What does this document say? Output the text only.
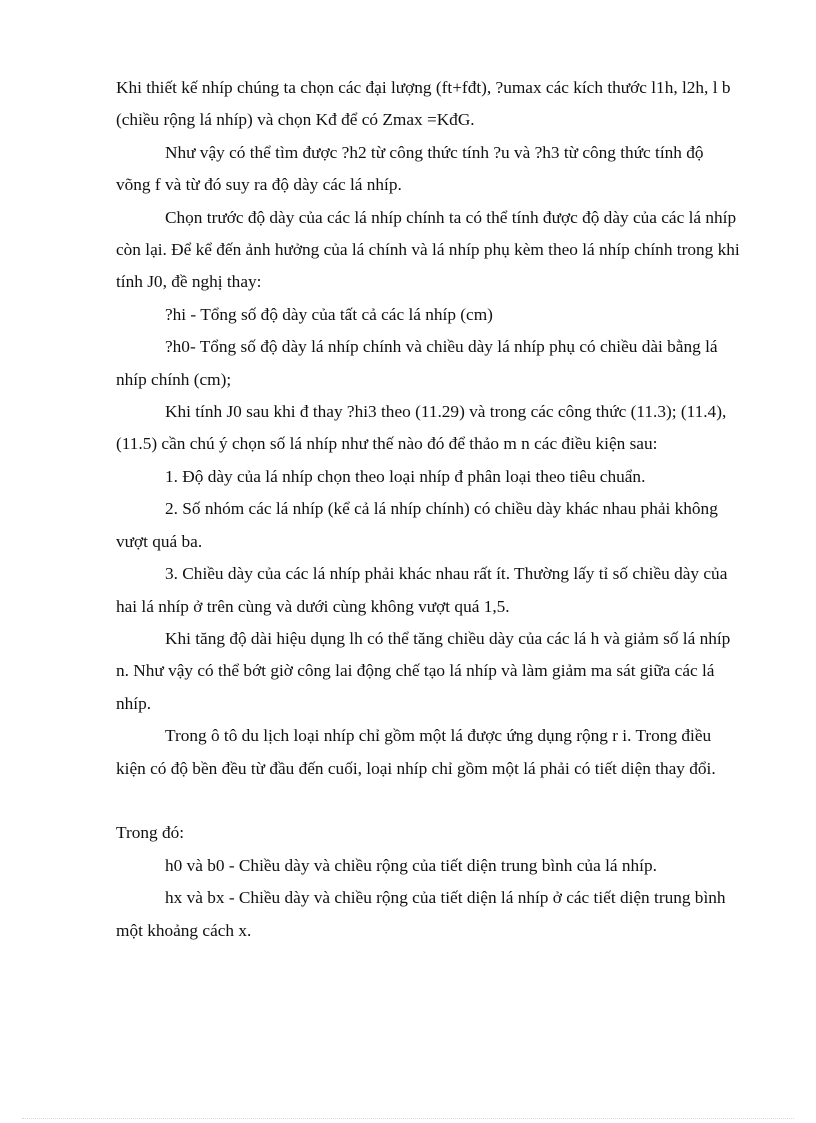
Khi thiết kế nhíp chúng ta chọn các đại lượng (ft+fđt), ?umax các kích thước l1h, l2h, l b (chiều rộng lá nhíp) và chọn Kđ để có Zmax =KđG.

Như vậy có thể tìm được ?h2 từ công thức tính ?u và ?h3 từ công thức tính độ võng f và từ đó suy ra độ dày các lá nhíp.

Chọn trước độ dày của các lá nhíp chính ta có thể tính được độ dày của các lá nhíp còn lại. Để kể đến ảnh hưởng của lá chính và lá nhíp phụ kèm theo lá nhíp chính trong khi tính J0, đề nghị thay:

?hi - Tổng số độ dày của tất cả các lá nhíp (cm)

?h0- Tổng số độ dày lá nhíp chính và chiều dày lá nhíp phụ có chiều dài bằng lá nhíp chính (cm);

Khi tính J0 sau khi đ thay ?hi3 theo (11.29) và trong các công thức (11.3); (11.4), (11.5) cần chú ý chọn số lá nhíp như thế nào đó để thảo m n các điều kiện sau:

1. Độ dày của lá nhíp chọn theo loại nhíp đ phân loại theo tiêu chuẩn.

2. Số nhóm các lá nhíp (kể cả lá nhíp chính) có chiều dày khác nhau phải không vượt quá ba.

3. Chiều dày của các lá nhíp phải khác nhau rất ít. Thường lấy tỉ số chiều dày của hai lá nhíp ở trên cùng và dưới cùng không vượt quá 1,5.

Khi tăng độ dài hiệu dụng lh có thể tăng chiều dày của các lá h và giảm số lá nhíp n. Như vậy có thể bớt giờ công lai động chế tạo lá nhíp và làm giảm ma sát giữa các lá nhíp.

Trong ô tô du lịch loại nhíp chỉ gồm một lá được ứng dụng rộng r i. Trong điều kiện có độ bền đều từ đầu đến cuối, loại nhíp chỉ gồm một lá phải có tiết diện thay đổi.

Trong đó:

h0 và b0 - Chiều dày và chiều rộng của tiết diện trung bình của lá nhíp.

hx và bx - Chiều dày và chiều rộng của tiết diện lá nhíp ở các tiết diện trung bình một khoảng cách x.
